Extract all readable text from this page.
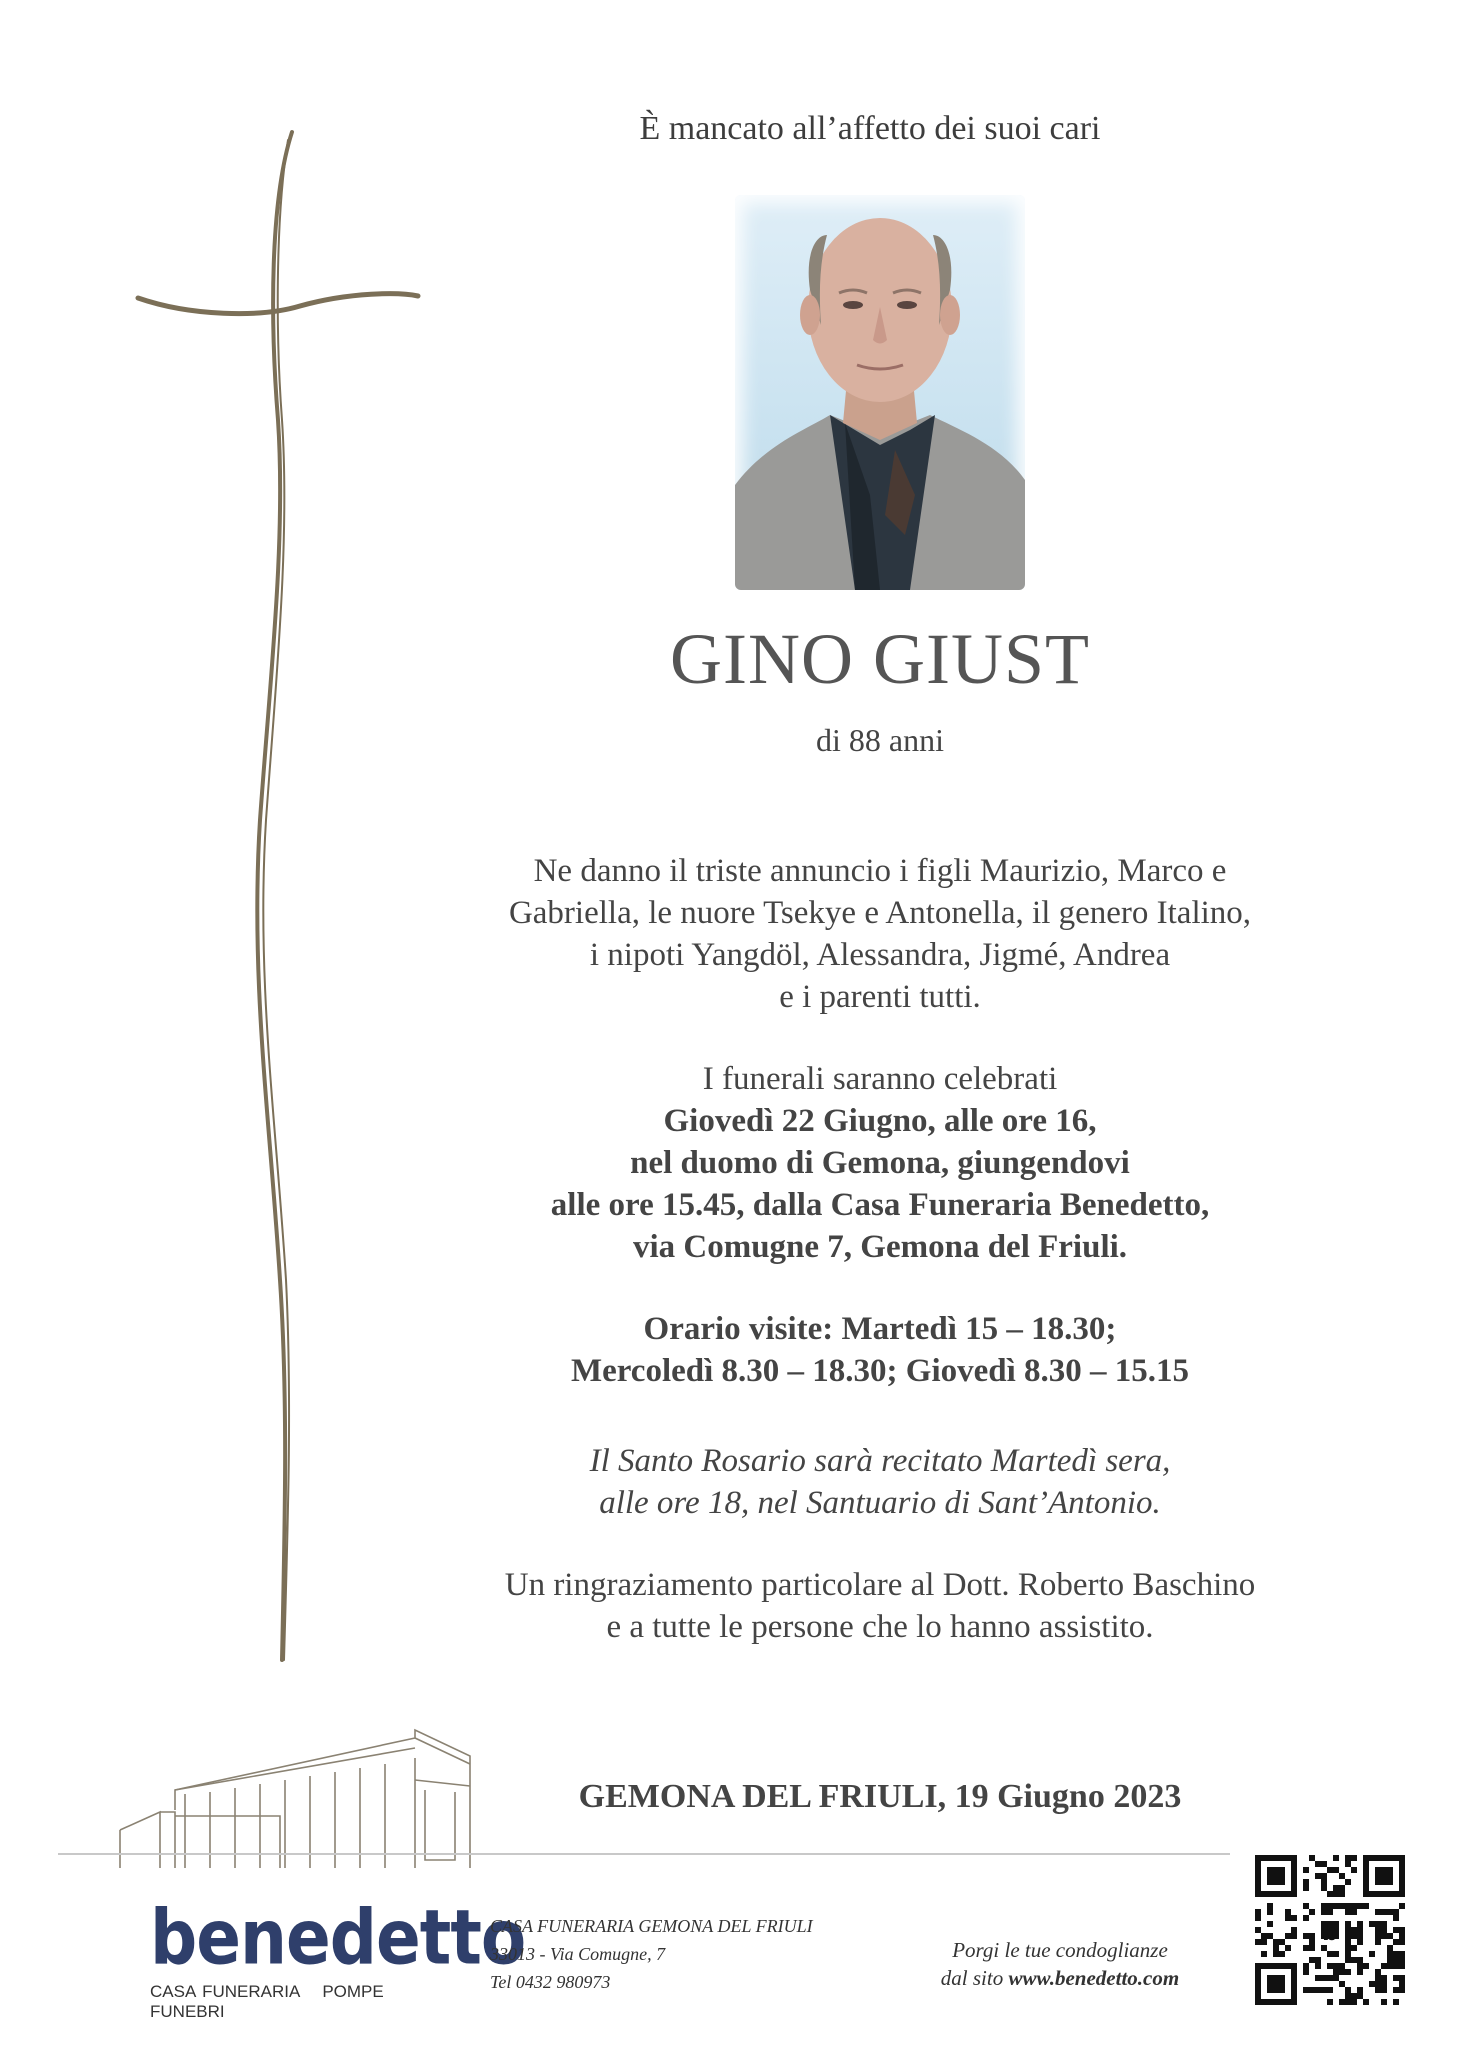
È mancato all’affetto dei suoi cari
GINO GIUST
di 88 anni
Ne danno il triste annuncio i figli Maurizio, Marco e
Gabriella, le nuore Tsekye e Antonella, il genero Italino,
i nipoti Yangdöl, Alessandra, Jigmé, Andrea
e i parenti tutti.
I funerali saranno celebrati
Giovedì 22 Giugno, alle ore 16,
nel duomo di Gemona, giungendovi
alle ore 15.45, dalla Casa Funeraria Benedetto,
via Comugne 7, Gemona del Friuli.
Orario visite: Martedì 15 – 18.30;
Mercoledì 8.30 – 18.30; Giovedì 8.30 – 15.15
Il Santo Rosario sarà recitato Martedì sera,
alle ore 18, nel Santuario di Sant’Antonio.
Un ringraziamento particolare al Dott. Roberto Baschino
e a tutte le persone che lo hanno assistito.
GEMONA DEL FRIULI, 19 Giugno 2023
benedetto
CASA FUNERARIA POMPE FUNEBRI
CASA FUNERARIA GEMONA DEL FRIULI
33013 - Via Comugne, 7
Tel 0432 980973
Porgi le tue condoglianze
dal sito www.benedetto.com
b
